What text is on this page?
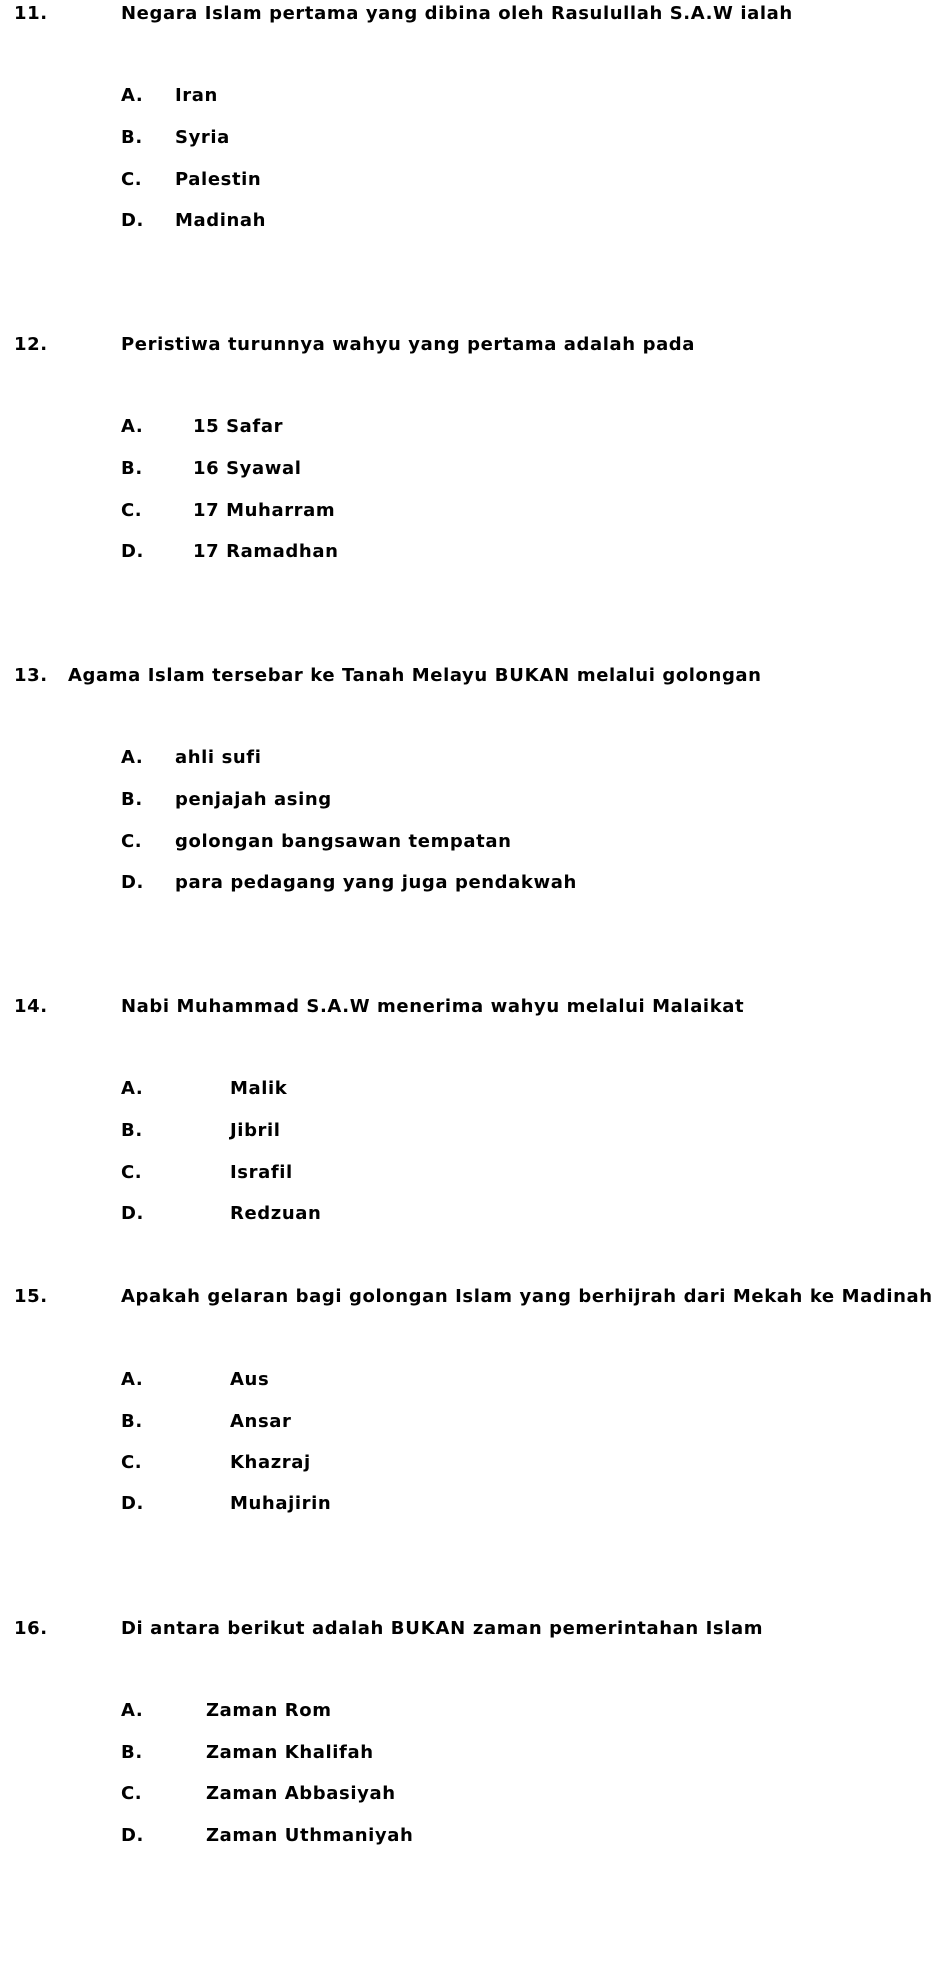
11.	Negara Islam pertama yang dibina oleh Rasulullah S.A.W ialah
A. Iran
B. Syria
C. Palestin
D. Madinah
12.	Peristiwa turunnya wahyu yang pertama adalah pada
A.	15 Safar
B.	16 Syawal
C.	17 Muharram
D.	17 Ramadhan
13. Agama Islam tersebar ke Tanah Melayu BUKAN melalui golongan
A. ahli sufi
B. penjajah asing
C. golongan bangsawan tempatan
D. para pedagang yang juga pendakwah
14.	Nabi Muhammad S.A.W menerima wahyu melalui Malaikat
A.	Malik
B.	Jibril
C.	Israfil
D.	Redzuan
15.	Apakah gelaran bagi golongan Islam yang berhijrah dari Mekah ke Madinah
A.	Aus
B.	Ansar
C.	Khazraj
D.	Muhajirin
16.	Di antara berikut adalah BUKAN zaman pemerintahan Islam
A.	Zaman Rom
B.	Zaman Khalifah
C.	Zaman Abbasiyah
D.	Zaman Uthmaniyah
